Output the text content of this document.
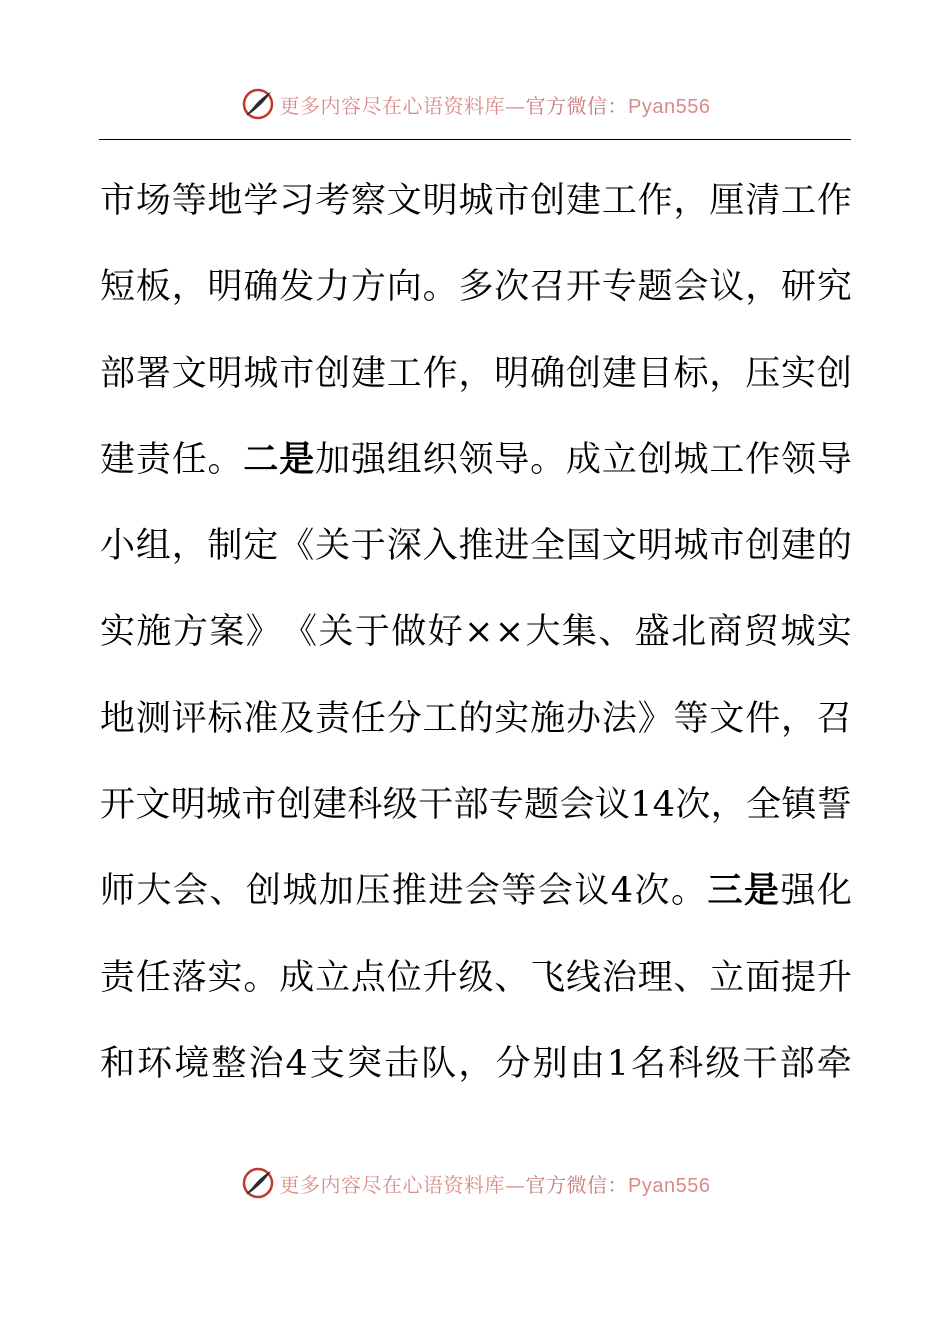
更多内容尽在心语资料库—官方微信：Pyan556
市 场 等 地 学 习 考 察 文 明 城 市 创 建 工 作 ， 厘 清 工 作
短 板 ， 明 确 发 力 方 向 。 多 次 召 开 专 题 会 议 ， 研 究
部 署 文 明 城 市 创 建 工 作 ， 明 确 创 建 目 标 ， 压 实 创
建 责 任 。 二 是 加 强 组 织 领 导 。 成 立 创 城 工 作 领 导
小 组 ， 制 定 《 关 于 深 入 推 进 全 国 文 明 城 市 创 建 的
实 施 方 案 》 《 关 于 做 好 × × 大 集 、 盛 北 商 贸 城 实
地 测 评 标 准 及 责 任 分 工 的 实 施 办 法 》 等 文 件 ， 召
开 文 明 城 市 创 建 科 级 干 部 专 题 会 议 1 4 次 ， 全 镇 誓
师 大 会 、 创 城 加 压 推 进 会 等 会 议 4 次 。 三 是 强 化
责 任 落 实 。 成 立 点 位 升 级 、 飞 线 治 理 、 立 面 提 升
和 环 境 整 治 4 支 突 击 队 ， 分 别 由 1 名 科 级 干 部 牵
更多内容尽在心语资料库—官方微信：Pyan556
